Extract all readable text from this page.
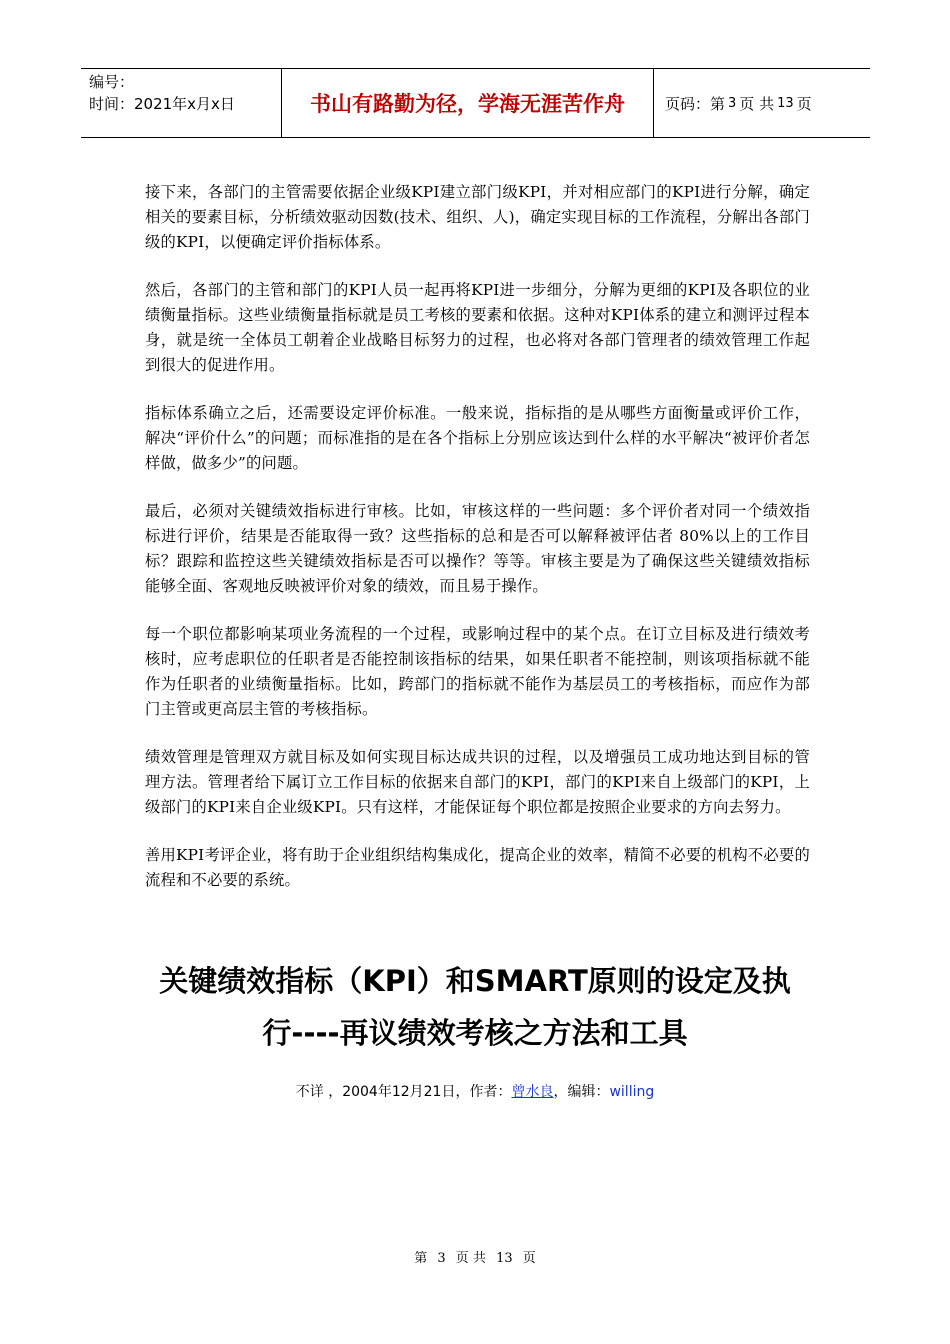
编号：
时间：2021年x月x日	书山有路勤为径，学海无涯苦作舟	页码：第 3 页 共 13 页

接下来，各部门的主管需要依据企业级KPI建立部门级KPI，并对相应部门的KPI进行分解，确定相关的要素目标，分析绩效驱动因数(技术、组织、人)，确定实现目标的工作流程，分解出各部门级的KPI，以便确定评价指标体系。

然后，各部门的主管和部门的KPI人员一起再将KPI进一步细分，分解为更细的KPI及各职位的业绩衡量指标。这些业绩衡量指标就是员工考核的要素和依据。这种对KPI体系的建立和测评过程本身，就是统一全体员工朝着企业战略目标努力的过程，也必将对各部门管理者的绩效管理工作起到很大的促进作用。

指标体系确立之后，还需要设定评价标准。一般来说，指标指的是从哪些方面衡量或评价工作，解决“评价什么”的问题；而标准指的是在各个指标上分别应该达到什么样的水平解决“被评价者怎样做，做多少”的问题。

最后，必须对关键绩效指标进行审核。比如，审核这样的一些问题：多个评价者对同一个绩效指标进行评价，结果是否能取得一致？这些指标的总和是否可以解释被评估者 80%以上的工作目标？跟踪和监控这些关键绩效指标是否可以操作？等等。审核主要是为了确保这些关键绩效指标能够全面、客观地反映被评价对象的绩效，而且易于操作。

每一个职位都影响某项业务流程的一个过程，或影响过程中的某个点。在订立目标及进行绩效考核时，应考虑职位的任职者是否能控制该指标的结果，如果任职者不能控制，则该项指标就不能作为任职者的业绩衡量指标。比如，跨部门的指标就不能作为基层员工的考核指标，而应作为部门主管或更高层主管的考核指标。

绩效管理是管理双方就目标及如何实现目标达成共识的过程，以及增强员工成功地达到目标的管理方法。管理者给下属订立工作目标的依据来自部门的KPI，部门的KPI来自上级部门的KPI，上级部门的KPI来自企业级KPI。只有这样，才能保证每个职位都是按照企业要求的方向去努力。

善用KPI考评企业，将有助于企业组织结构集成化，提高企业的效率，精简不必要的机构不必要的流程和不必要的系统。

关键绩效指标（KPI）和SMART原则的设定及执
行----再议绩效考核之方法和工具
不详 ，2004年12月21日，作者：曾水良，编辑：willing
第 3 页 共 13 页
